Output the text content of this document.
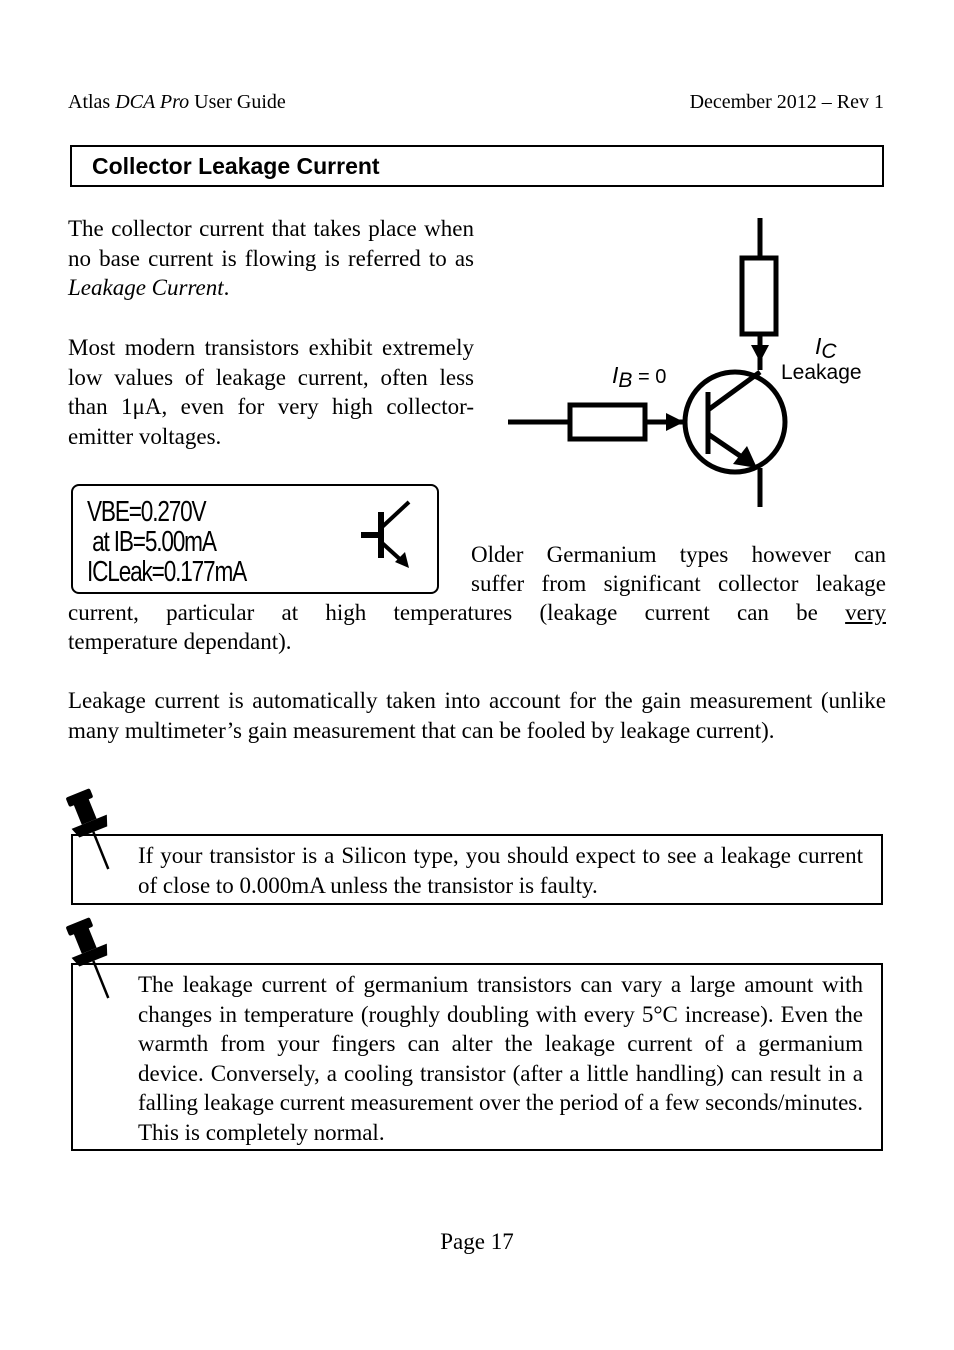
Atlas DCA Pro User Guide	December 2012 – Rev 1
Collector Leakage Current
The collector current that takes place when no base current is flowing is referred to as Leakage Current.
Most modern transistors exhibit extremely low values of leakage current, often less than 1μA, even for very high collector-emitter voltages.
IB = 0
IC
Leakage
VBE=0.270V
at IB=5.00mA
ICLeak=0.177mA
Older Germanium types however can
suffer from significant collector leakage
current, particular at high temperatures (leakage current can be very
temperature dependant).
Leakage current is automatically taken into account for the gain measurement (unlike many multimeter’s gain measurement that can be fooled by leakage current).
If your transistor is a Silicon type, you should expect to see a leakage current of close to 0.000mA unless the transistor is faulty.
The leakage current of germanium transistors can vary a large amount with changes in temperature (roughly doubling with every 5°C increase). Even the warmth from your fingers can alter the leakage current of a germanium device. Conversely, a cooling transistor (after a little handling) can result in a falling leakage current measurement over the period of a few seconds/minutes. This is completely normal.
Page 17
